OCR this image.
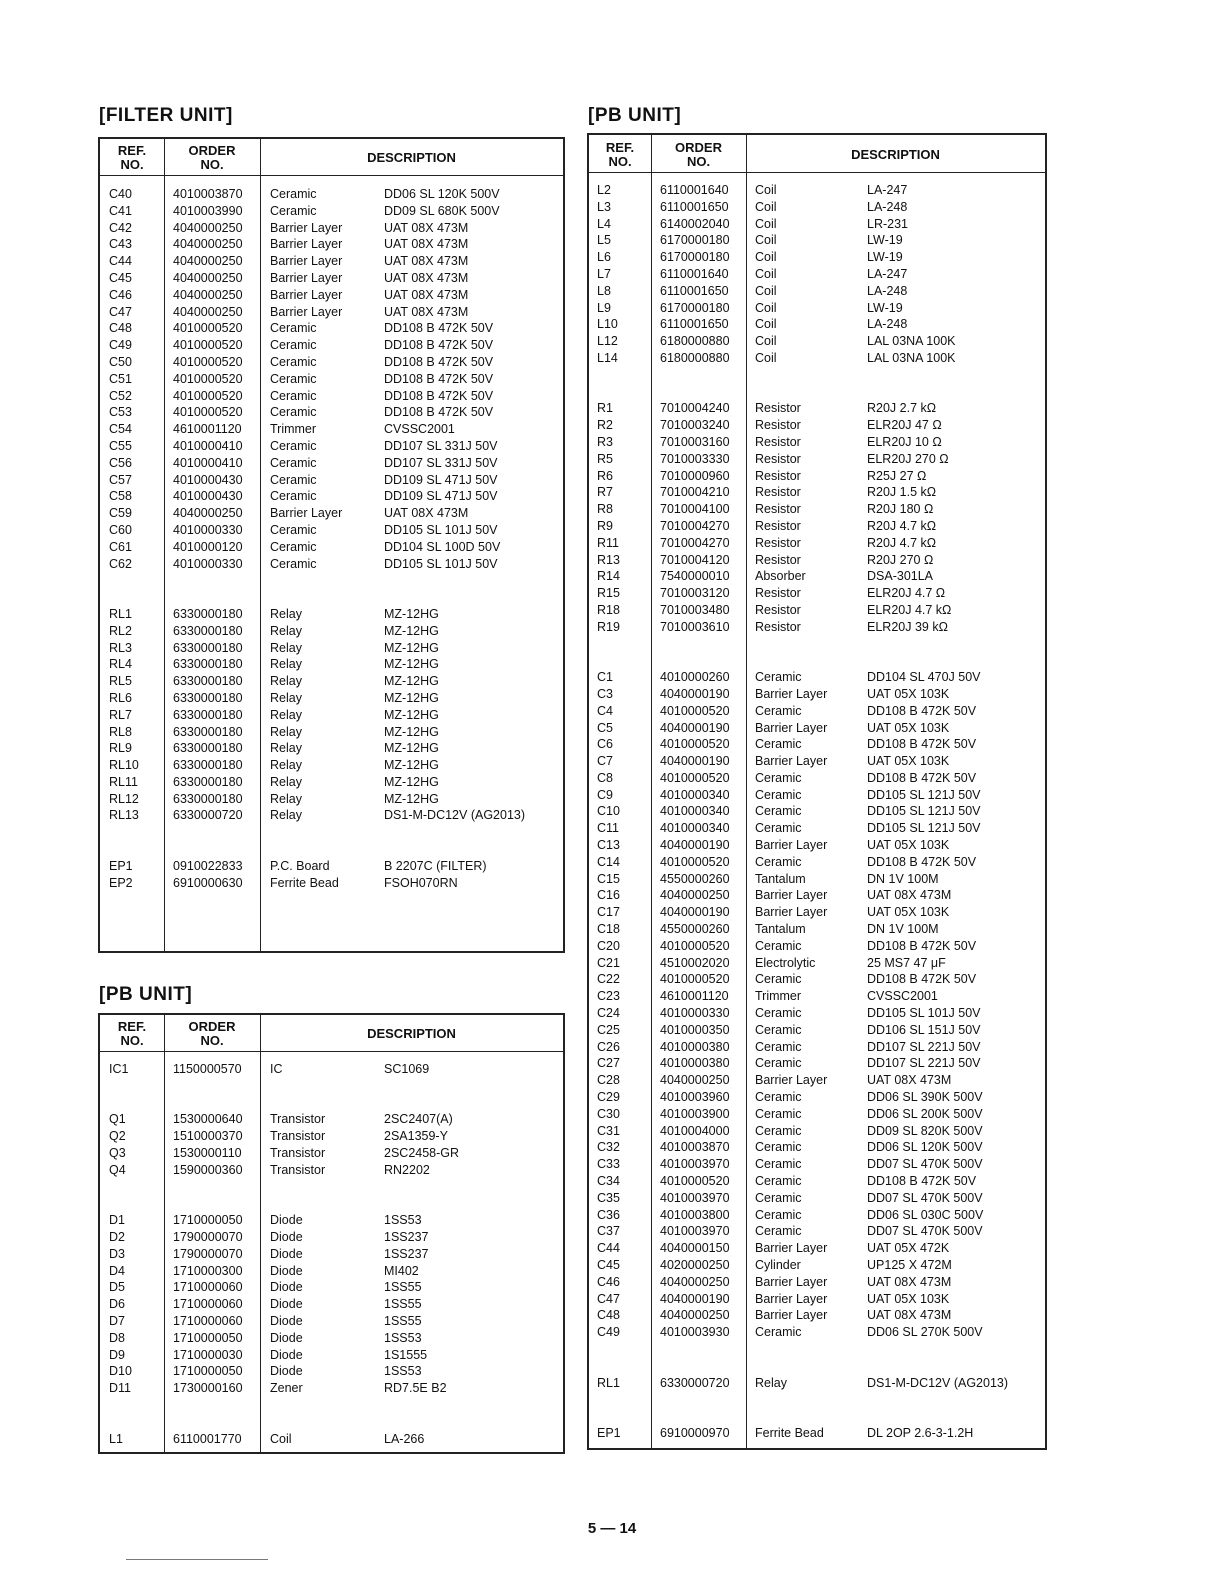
[FILTER UNIT]
REF.
NO.
ORDER
NO.	DESCRIPTION
C40	4010003870 Ceramic	DD06 SL 120K 500V
C41	4010003990 Ceramic	DD09 SL 680K 500V
C42	4040000250 Barrier Layer	UAT 08X 473M
C43	4040000250 Barrier Layer	UAT 08X 473M
C44	4040000250 Barrier Layer	UAT 08X 473M
C45	4040000250 Barrier Layer	UAT 08X 473M
C46	4040000250 Barrier Layer	UAT 08X 473M
C47	4040000250 Barrier Layer	UAT 08X 473M
C48	4010000520 Ceramic	DD108 B 472K 50V
C49	4010000520 Ceramic	DD108 B 472K 50V
C50	4010000520 Ceramic	DD108 B 472K 50V
C51	4010000520 Ceramic	DD108 B 472K 50V
C52	4010000520 Ceramic	DD108 B 472K 50V
C53	4010000520 Ceramic	DD108 B 472K 50V
C54	4610001120 Trimmer	CVSSC2001
C55	4010000410 Ceramic	DD107 SL 331J 50V
C56	4010000410 Ceramic	DD107 SL 331J 50V
C57	4010000430 Ceramic	DD109 SL 471J 50V
C58	4010000430 Ceramic	DD109 SL 471J 50V
C59	4040000250 Barrier Layer	UAT 08X 473M
C60	4010000330 Ceramic	DD105 SL 101J 50V
C61	4010000120 Ceramic	DD104 SL 100D 50V
C62	4010000330 Ceramic	DD105 SL 101J 50V
RL1	6330000180 Relay	MZ-12HG
RL2	6330000180 Relay	MZ-12HG
RL3	6330000180 Relay	MZ-12HG
RL4	6330000180 Relay	MZ-12HG
RL5	6330000180 Relay	MZ-12HG
RL6	6330000180 Relay	MZ-12HG
RL7	6330000180 Relay	MZ-12HG
RL8	6330000180 Relay	MZ-12HG
RL9	6330000180 Relay	MZ-12HG
RL10	6330000180 Relay	MZ-12HG
RL11	6330000180 Relay	MZ-12HG
RL12	6330000180 Relay	MZ-12HG
RL13	6330000720 Relay	DS1-M-DC12V (AG2013)
EP1	0910022833 P.C. Board	B 2207C (FILTER)
EP2	6910000630 Ferrite Bead	FSOH070RN
[PB UNIT]
REF.
NO.
ORDER
NO.	DESCRIPTION
IC1	1150000570 IC	SC1069
Q1	1530000640 Transistor	2SC2407(A)
Q2	1510000370 Transistor	2SA1359-Y
Q3	1530000110 Transistor	2SC2458-GR
Q4	1590000360 Transistor	RN2202
D1	1710000050 Diode	1SS53
D2	1790000070 Diode	1SS237
D3	1790000070 Diode	1SS237
D4	1710000300 Diode	MI402
D5	1710000060 Diode	1SS55
D6	1710000060 Diode	1SS55
D7	1710000060 Diode	1SS55
D8	1710000050 Diode	1SS53
D9	1710000030 Diode	1S1555
D10	1710000050 Diode	1SS53
D11	1730000160 Zener	RD7.5E B2
L1	6110001770 Coil	LA-266
[PB UNIT]
REF.
NO.
ORDER
NO.	DESCRIPTION
L2	6110001640 Coil	LA-247
L3	6110001650 Coil	LA-248
L4	6140002040 Coil	LR-231
L5	6170000180 Coil	LW-19
L6	6170000180 Coil	LW-19
L7	6110001640 Coil	LA-247
L8	6110001650 Coil	LA-248
L9	6170000180 Coil	LW-19
L10	6110001650 Coil	LA-248
L12	6180000880 Coil	LAL 03NA 100K
L14	6180000880 Coil	LAL 03NA 100K
R1	7010004240 Resistor	R20J 2.7 kΩ
R2	7010003240 Resistor	ELR20J 47 Ω
R3	7010003160 Resistor	ELR20J 10 Ω
R5	7010003330 Resistor	ELR20J 270 Ω
R6	7010000960 Resistor	R25J 27 Ω
R7	7010004210 Resistor	R20J 1.5 kΩ
R8	7010004100 Resistor	R20J 180 Ω
R9	7010004270 Resistor	R20J 4.7 kΩ
R11	7010004270 Resistor	R20J 4.7 kΩ
R13	7010004120 Resistor	R20J 270 Ω
R14	7540000010 Absorber	DSA-301LA
R15	7010003120 Resistor	ELR20J 4.7 Ω
R18	7010003480 Resistor	ELR20J 4.7 kΩ
R19	7010003610 Resistor	ELR20J 39 kΩ
C1	4010000260 Ceramic	DD104 SL 470J 50V
C3	4040000190 Barrier Layer	UAT 05X 103K
C4	4010000520 Ceramic	DD108 B 472K 50V
C5	4040000190 Barrier Layer	UAT 05X 103K
C6	4010000520 Ceramic	DD108 B 472K 50V
C7	4040000190 Barrier Layer	UAT 05X 103K
C8	4010000520 Ceramic	DD108 B 472K 50V
C9	4010000340 Ceramic	DD105 SL 121J 50V
C10	4010000340 Ceramic	DD105 SL 121J 50V
C11	4010000340 Ceramic	DD105 SL 121J 50V
C13	4040000190 Barrier Layer	UAT 05X 103K
C14	4010000520 Ceramic	DD108 B 472K 50V
C15	4550000260 Tantalum	DN 1V 100M
C16	4040000250 Barrier Layer	UAT 08X 473M
C17	4040000190 Barrier Layer	UAT 05X 103K
C18	4550000260 Tantalum	DN 1V 100M
C20	4010000520 Ceramic	DD108 B 472K 50V
C21	4510002020 Electrolytic	25 MS7 47 μF
C22	4010000520 Ceramic	DD108 B 472K 50V
C23	4610001120 Trimmer	CVSSC2001
C24	4010000330 Ceramic	DD105 SL 101J 50V
C25	4010000350 Ceramic	DD106 SL 151J 50V
C26	4010000380 Ceramic	DD107 SL 221J 50V
C27	4010000380 Ceramic	DD107 SL 221J 50V
C28	4040000250 Barrier Layer	UAT 08X 473M
C29	4010003960 Ceramic	DD06 SL 390K 500V
C30	4010003900 Ceramic	DD06 SL 200K 500V
C31	4010004000 Ceramic	DD09 SL 820K 500V
C32	4010003870 Ceramic	DD06 SL 120K 500V
C33	4010003970 Ceramic	DD07 SL 470K 500V
C34	4010000520 Ceramic	DD108 B 472K 50V
C35	4010003970 Ceramic	DD07 SL 470K 500V
C36	4010003800 Ceramic	DD06 SL 030C 500V
C37	4010003970 Ceramic	DD07 SL 470K 500V
C44	4040000150 Barrier Layer	UAT 05X 472K
C45	4020000250 Cylinder	UP125 X 472M
C46	4040000250 Barrier Layer	UAT 08X 473M
C47	4040000190 Barrier Layer	UAT 05X 103K
C48	4040000250 Barrier Layer	UAT 08X 473M
C49	4010003930 Ceramic	DD06 SL 270K 500V
RL1	6330000720 Relay	DS1-M-DC12V (AG2013)
EP1	6910000970 Ferrite Bead	DL 2OP 2.6-3-1.2H
5 — 14
